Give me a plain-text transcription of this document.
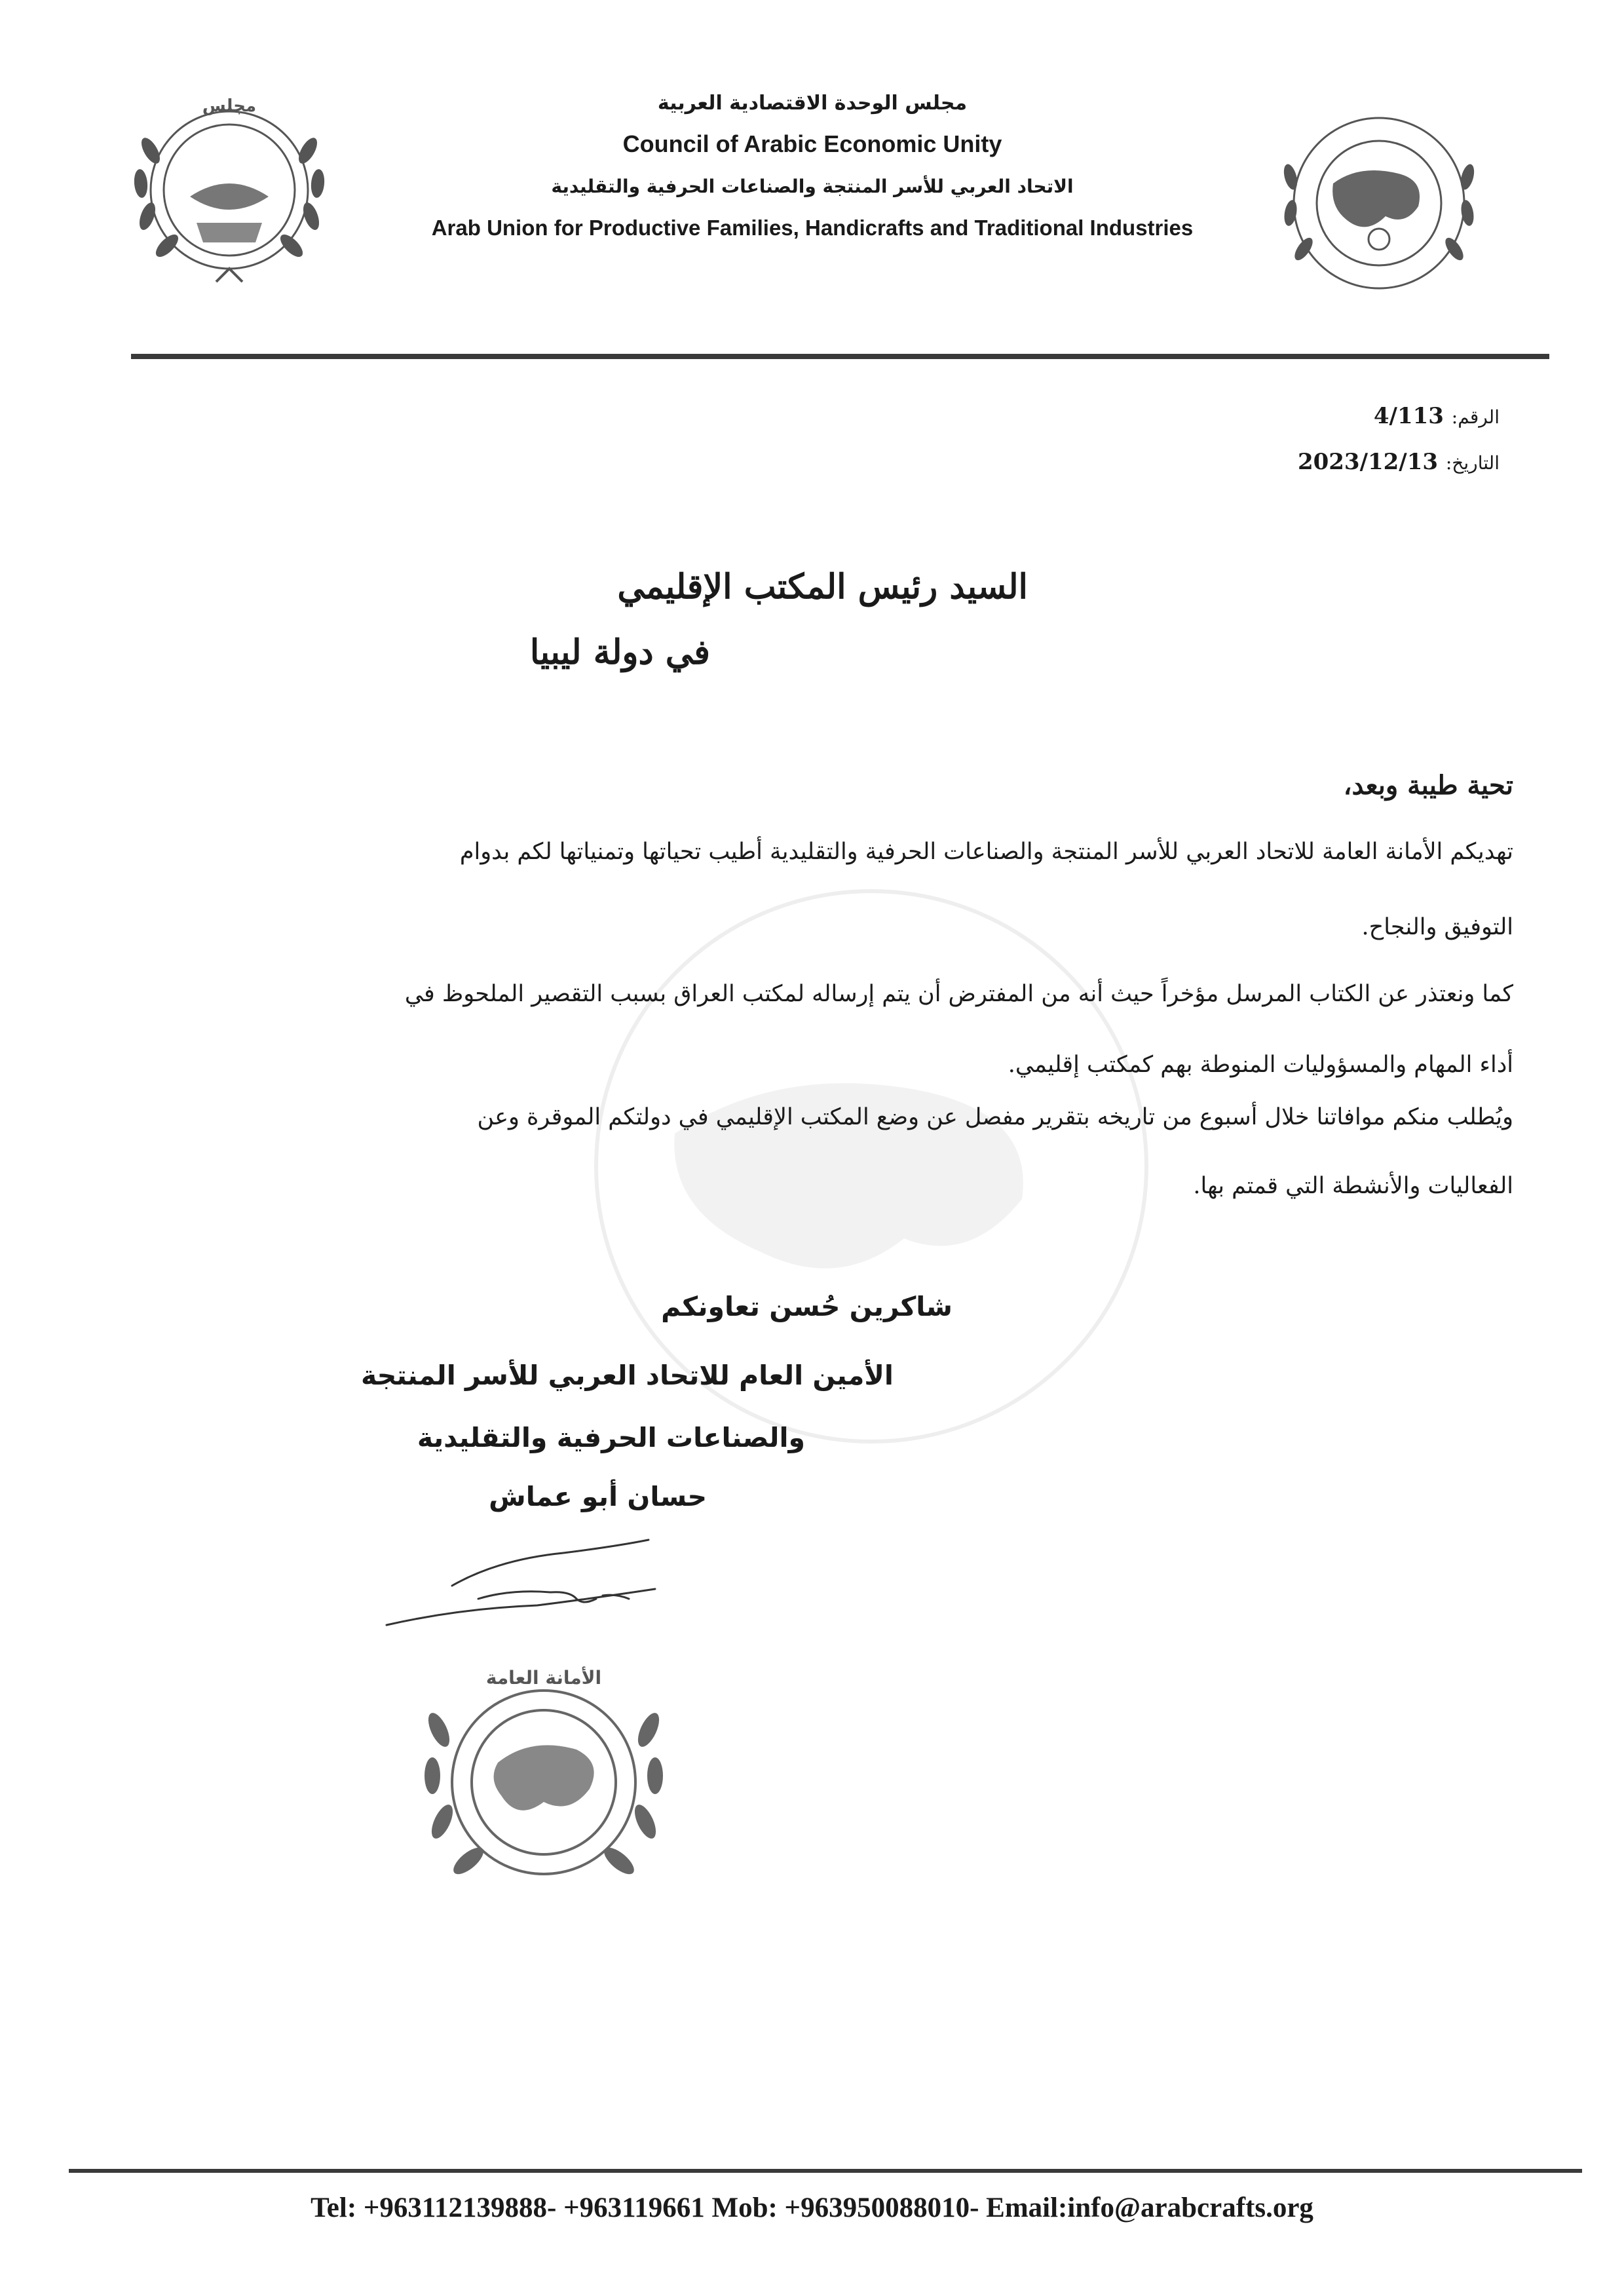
مجلس	مجلس الوحدة الاقتصادية العربية
Council of Arabic Economic Unity
الاتحاد العربي للأسر المنتجة والصناعات الحرفية والتقليدية
Arab Union for Productive Families, Handicrafts and Traditional Industries
الرقم: 4/113
التاريخ: 2023/12/13
السيد رئيس المكتب الإقليمي
في دولة ليبيا
تحية طيبة وبعد،
تهديكم الأمانة العامة للاتحاد العربي للأسر المنتجة والصناعات الحرفية والتقليدية أطيب تحياتها وتمنياتها لكم بدوام
التوفيق والنجاح.
كما ونعتذر عن الكتاب المرسل مؤخراً حيث أنه من المفترض أن يتم إرساله لمكتب العراق بسبب التقصير الملحوظ في
أداء المهام والمسؤوليات المنوطة بهم كمكتب إقليمي.
ويُطلب منكم موافاتنا خلال أسبوع من تاريخه بتقرير مفصل عن وضع المكتب الإقليمي في دولتكم الموقرة وعن
الفعاليات والأنشطة التي قمتم بها.
شاكرين حُسن تعاونكم
الأمين العام للاتحاد العربي للأسر المنتجة
والصناعات الحرفية والتقليدية
حسان أبو عماش
الأمانة العامة
Tel: +963112139888- +963119661 Mob: +963950088010- Email:info@arabcrafts.org
